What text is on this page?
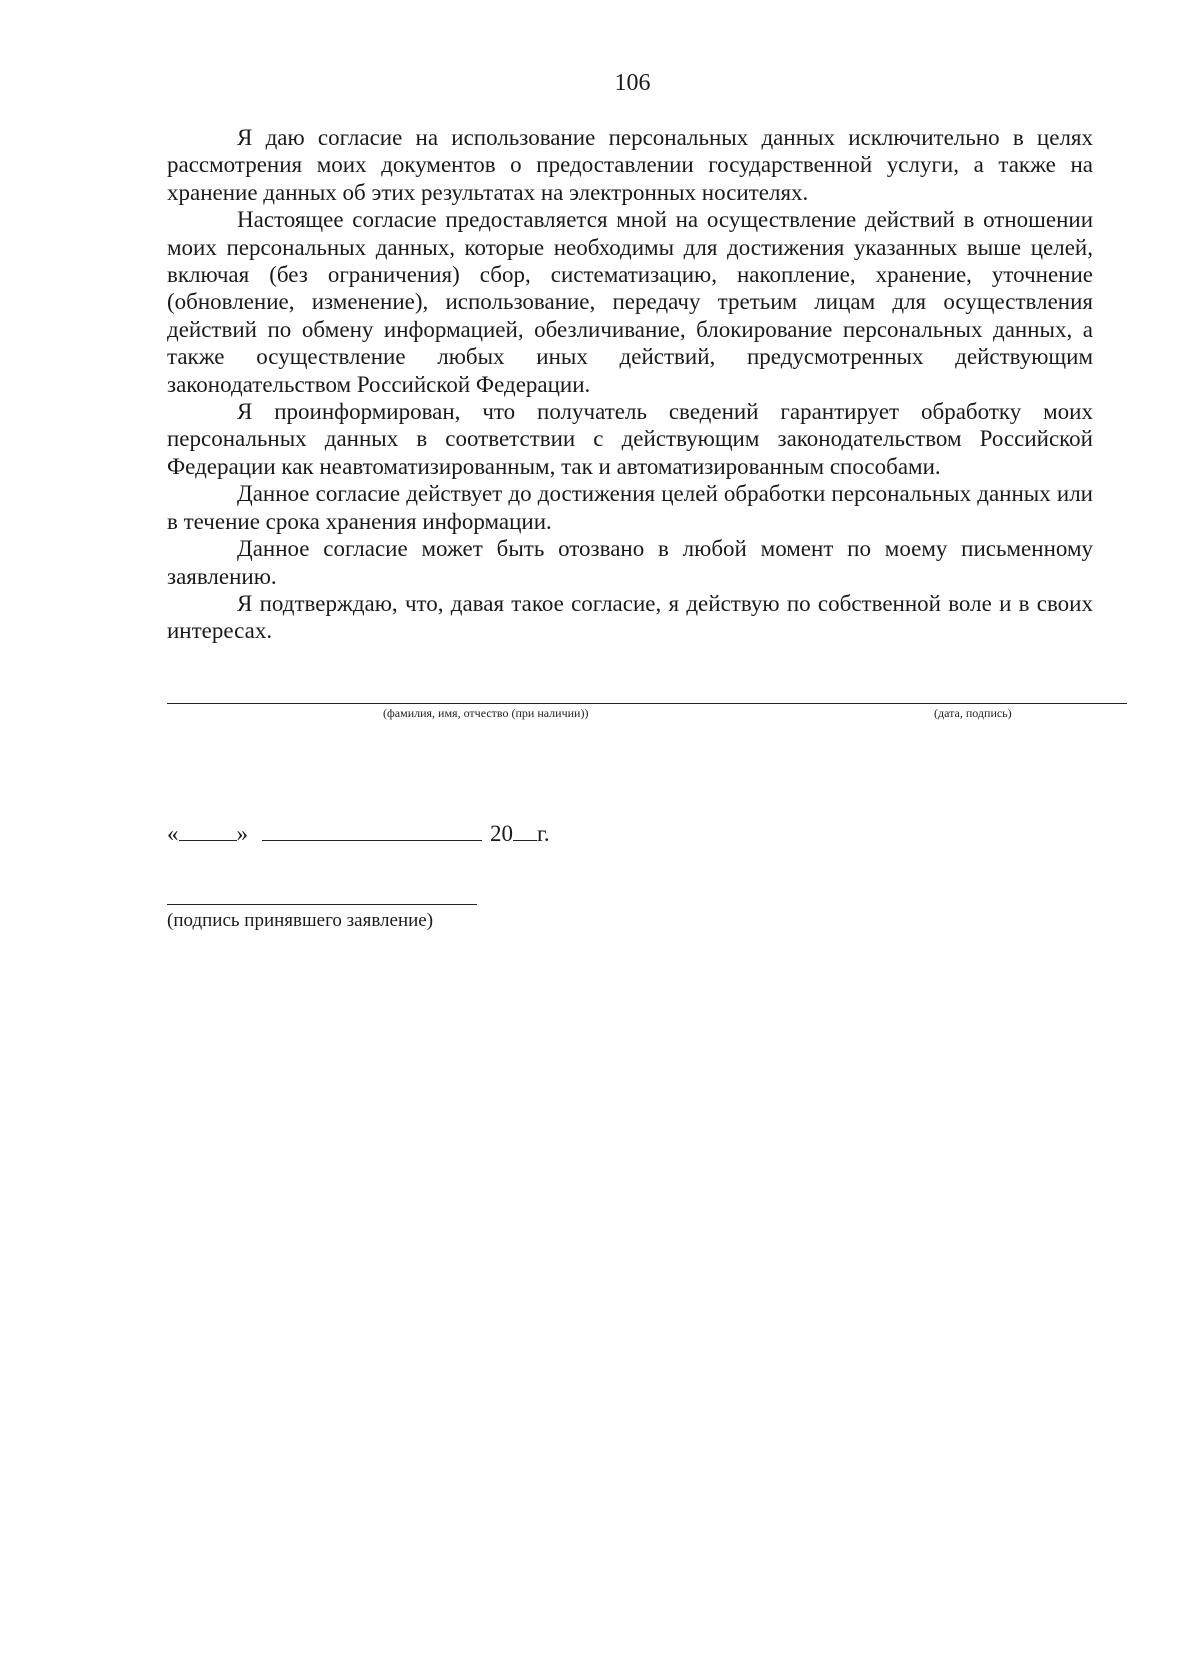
106

Я даю согласие на использование персональных данных исключительно в целях рассмотрения моих документов о предоставлении государственной услуги, а также на хранение данных об этих результатах на электронных носителях.

Настоящее согласие предоставляется мной на осуществление действий в отношении моих персональных данных, которые необходимы для достижения указанных выше целей, включая (без ограничения) сбор, систематизацию, накопление, хранение, уточнение (обновление, изменение), использование, передачу третьим лицам для осуществления действий по обмену информацией, обезличивание, блокирование персональных данных, а также осуществление любых иных действий, предусмотренных действующим законодательством Российской Федерации.

Я проинформирован, что получатель сведений гарантирует обработку моих персональных данных в соответствии с действующим законодательством Российской Федерации как неавтоматизированным, так и автоматизированным способами.

Данное согласие действует до достижения целей обработки персональных данных или в течение срока хранения информации.

Данное согласие может быть отозвано в любой момент по моему письменному заявлению.

Я подтверждаю, что, давая такое согласие, я действую по собственной воле и в своих интересах.

(фамилия, имя, отчество (при наличии))	(дата, подпись)
«	»	20г.
(подпись принявшего заявление)
